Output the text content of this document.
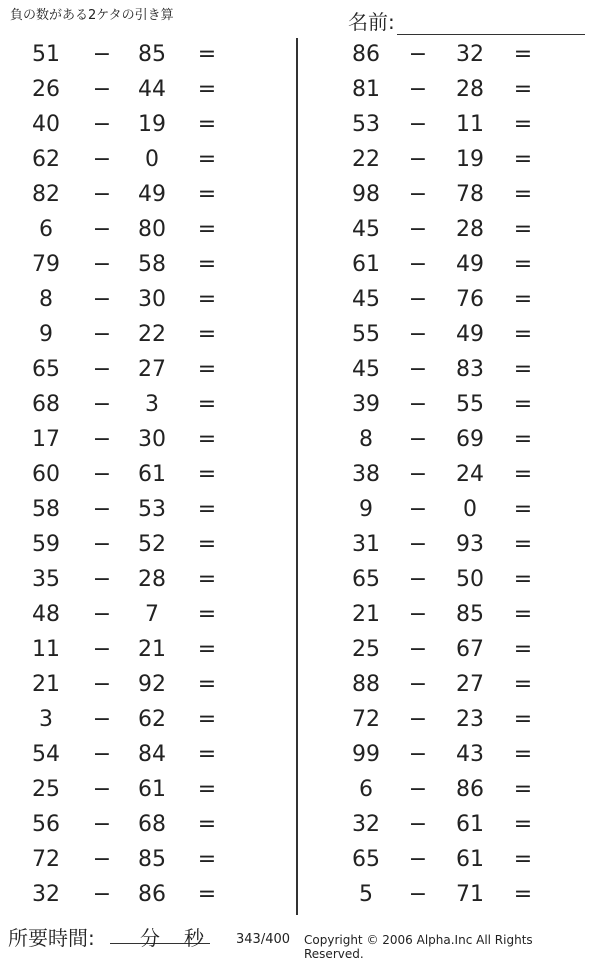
負の数がある2ケタの引き算	名前:
51	−	85	=
26	−	44	=
40	−	19	=
62	−	0	=
82	−	49	=
6	−	80	=
79	−	58	=
8	−	30	=
9	−	22	=
65	−	27	=
68	−	3	=
17	−	30	=
60	−	61	=
58	−	53	=
59	−	52	=
35	−	28	=
48	−	7	=
11	−	21	=
21	−	92	=
3	−	62	=
54	−	84	=
25	−	61	=
56	−	68	=
72	−	85	=
32	−	86	=
86	−	32	=
81	−	28	=
53	−	11	=
22	−	19	=
98	−	78	=
45	−	28	=
61	−	49	=
45	−	76	=
55	−	49	=
45	−	83	=
39	−	55	=
8	−	69	=
38	−	24	=
9	−	0	=
31	−	93	=
65	−	50	=
21	−	85	=
25	−	67	=
88	−	27	=
72	−	23	=
99	−	43	=
6	−	86	=
32	−	61	=
65	−	61	=
5	−	71	=
所要時間: 分 秒 343/400 Copyright © 2006 Alpha.Inc All Rights Reserved.
